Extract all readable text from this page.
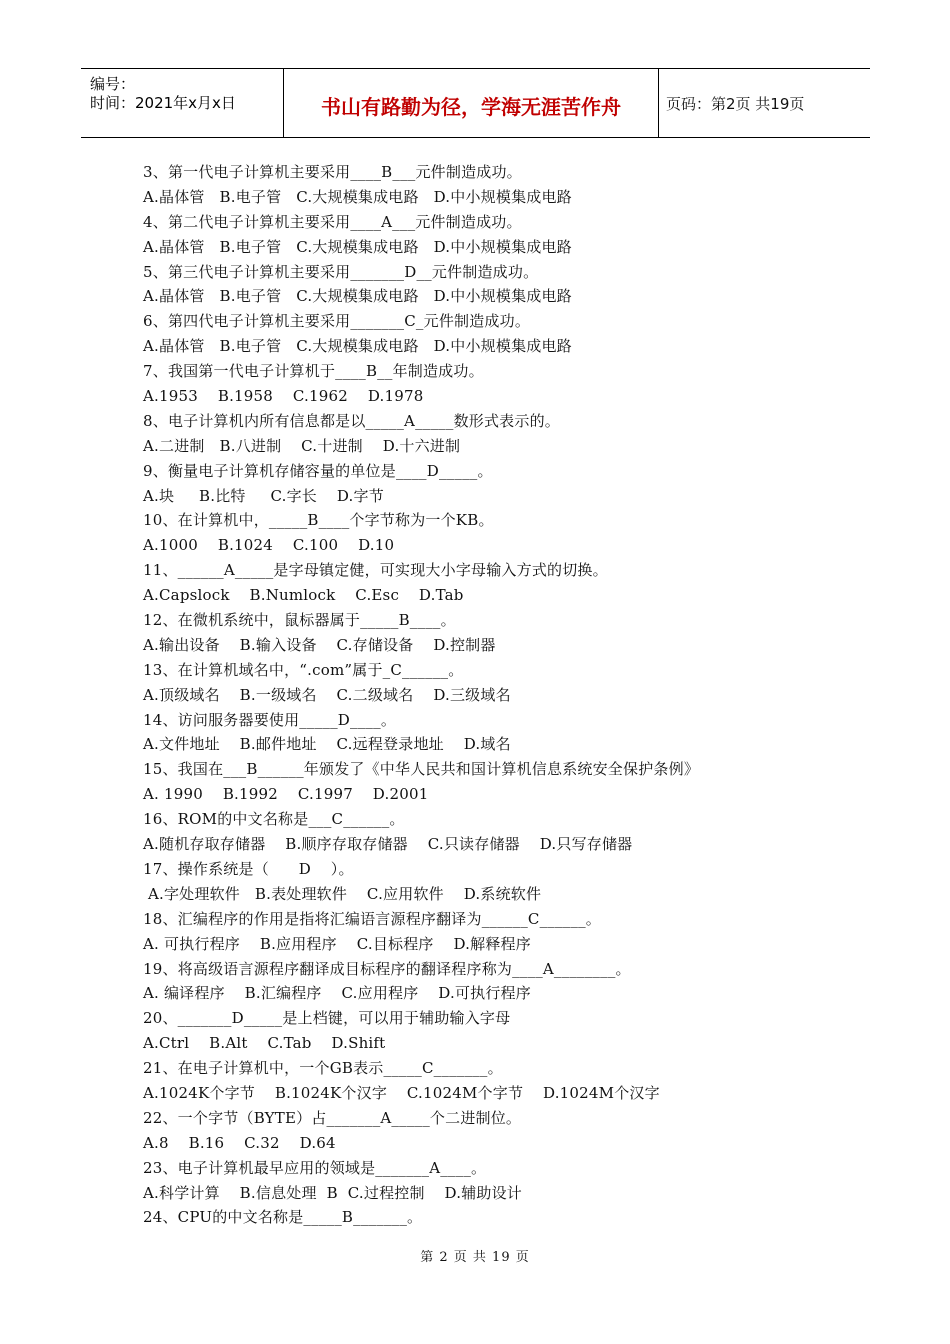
编号：
时间：2021年x月x日	书山有路勤为径，学海无涯苦作舟	页码：第2页 共19页
3、第一代电子计算机主要采用____B___元件制造成功。
A.晶体管   B.电子管   C.大规模集成电路   D.中小规模集成电路
4、第二代电子计算机主要采用____A___元件制造成功。
A.晶体管   B.电子管   C.大规模集成电路   D.中小规模集成电路
5、第三代电子计算机主要采用_______D__元件制造成功。
A.晶体管   B.电子管   C.大规模集成电路   D.中小规模集成电路
6、第四代电子计算机主要采用_______C_元件制造成功。
A.晶体管   B.电子管   C.大规模集成电路   D.中小规模集成电路
7、我国第一代电子计算机于____B__年制造成功。
A.1953    B.1958    C.1962    D.1978
8、电子计算机内所有信息都是以_____A_____数形式表示的。
A.二进制   B.八进制    C.十进制    D.十六进制
9、衡量电子计算机存储容量的单位是____D_____。
A.块     B.比特     C.字长    D.字节
10、在计算机中，_____B____个字节称为一个KB。
A.1000    B.1024    C.100    D.10
11、______A_____是字母镇定健，可实现大小字母输入方式的切换。
A.Capslock    B.Numlock    C.Esc    D.Tab
12、在微机系统中，鼠标器属于_____B____。
A.输出设备    B.输入设备    C.存储设备    D.控制器
13、在计算机域名中，“.com”属于_C______。
A.顶级域名    B.一级域名    C.二级域名    D.三级域名
14、访问服务器要使用_____D____。
A.文件地址    B.邮件地址    C.远程登录地址    D.域名
15、我国在___B______年颁发了《中华人民共和国计算机信息系统安全保护条例》
A. 1990    B.1992    C.1997    D.2001
16、ROM的中文名称是___C______。
A.随机存取存储器    B.顺序存取存储器    C.只读存储器    D.只写存储器
17、操作系统是（      D    ）。
A.字处理软件   B.表处理软件    C.应用软件    D.系统软件
18、汇编程序的作用是指将汇编语言源程序翻译为______C______。
A. 可执行程序    B.应用程序    C.目标程序    D.解释程序
19、将高级语言源程序翻译成目标程序的翻译程序称为____A________。
A. 编译程序    B.汇编程序    C.应用程序    D.可执行程序
20、_______D_____是上档键，可以用于辅助输入字母
A.Ctrl    B.Alt    C.Tab    D.Shift
21、在电子计算机中，一个GB表示_____C_______。
A.1024K个字节    B.1024K个汉字    C.1024M个字节    D.1024M个汉字
22、一个字节（BYTE）占_______A_____个二进制位。
A.8    B.16    C.32    D.64
23、电子计算机最早应用的领域是_______A____。
A.科学计算    B.信息处理  B  C.过程控制    D.辅助设计
24、CPU的中文名称是_____B_______。
第 2 页 共 19 页
